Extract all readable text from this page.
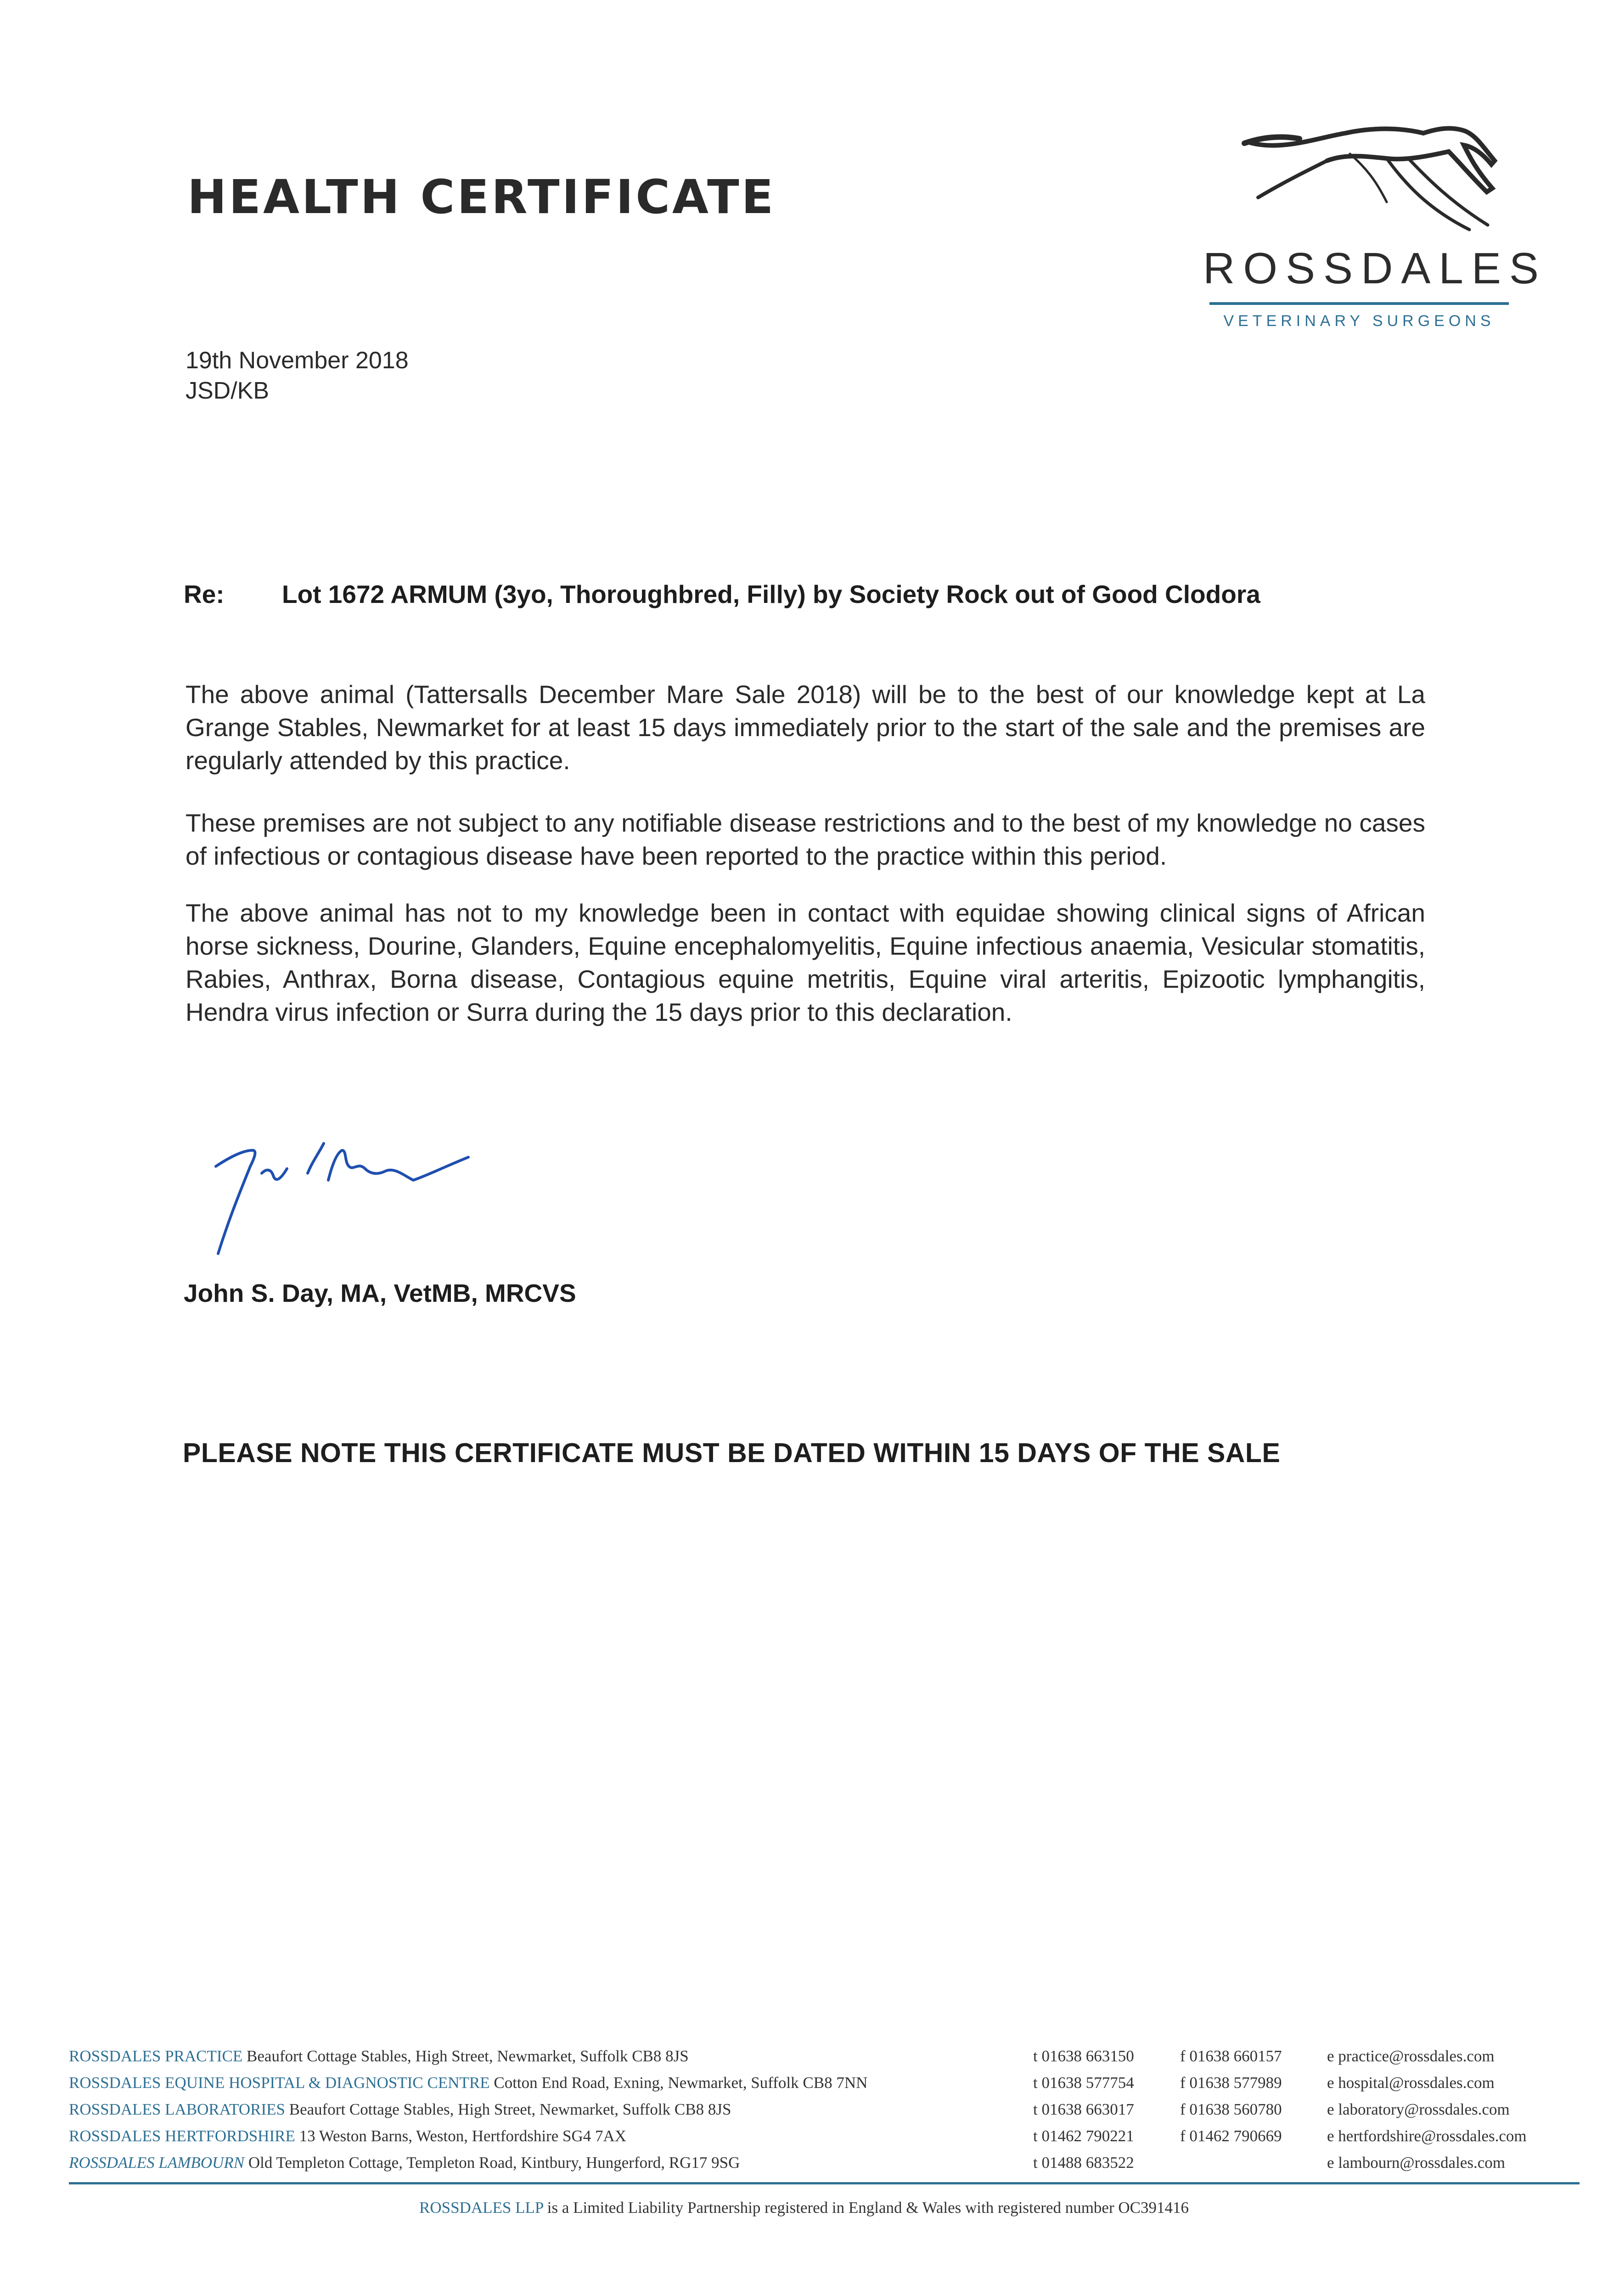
HEALTH CERTIFICATE
ROSSDALES
VETERINARY SURGEONS
19th November 2018
JSD/KB
Re: Lot 1672 ARMUM (3yo, Thoroughbred, Filly) by Society Rock out of Good Clodora

The above animal (Tattersalls December Mare Sale 2018) will be to the best of our knowledge kept at La Grange Stables, Newmarket for at least 15 days immediately prior to the start of the sale and the premises are regularly attended by this practice.

These premises are not subject to any notifiable disease restrictions and to the best of my knowledge no cases of infectious or contagious disease have been reported to the practice within this period.

The above animal has not to my knowledge been in contact with equidae showing clinical signs of African horse sickness, Dourine, Glanders, Equine encephalomyelitis, Equine infectious anaemia, Vesicular stomatitis, Rabies, Anthrax, Borna disease, Contagious equine metritis, Equine viral arteritis, Epizootic lymphangitis, Hendra virus infection or Surra during the 15 days prior to this declaration.

John S. Day, MA, VetMB, MRCVS
PLEASE NOTE THIS CERTIFICATE MUST BE DATED WITHIN 15 DAYS OF THE SALE
ROSSDALES PRACTICE Beaufort Cottage Stables, High Street, Newmarket, Suffolk CB8 8JS	t 01638 663150	f 01638 660157	e practice@rossdales.com
ROSSDALES EQUINE HOSPITAL & DIAGNOSTIC CENTRE Cotton End Road, Exning, Newmarket, Suffolk CB8 7NN	t 01638 577754	f 01638 577989	e hospital@rossdales.com
ROSSDALES LABORATORIES Beaufort Cottage Stables, High Street, Newmarket, Suffolk CB8 8JS	t 01638 663017	f 01638 560780	e laboratory@rossdales.com
ROSSDALES HERTFORDSHIRE 13 Weston Barns, Weston, Hertfordshire SG4 7AX	t 01462 790221	f 01462 790669	e hertfordshire@rossdales.com
ROSSDALES LAMBOURN Old Templeton Cottage, Templeton Road, Kintbury, Hungerford, RG17 9SG	t 01488 683522	e lambourn@rossdales.com
ROSSDALES LLP is a Limited Liability Partnership registered in England & Wales with registered number OC391416
